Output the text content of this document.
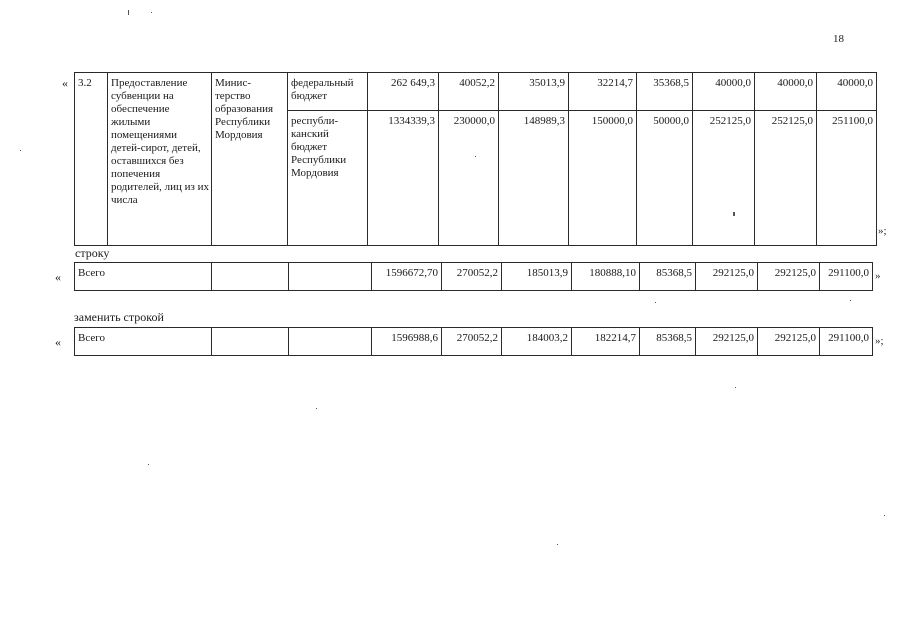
18
« 3.2	Предоставление субвенции на обеспечение жилыми помещениями детей-сирот, детей, оставшихся без попечения родителей, лиц из их числа	Минис-терство образования Республики Мордовия	федеральный бюджет	262 649,3	40052,2	35013,9	32214,7	35368,5	40000,0	40000,0	40000,0
			республи-канский бюджет Республики Мордовия	1334339,3	230000,0	148989,3	150000,0	50000,0	252125,0	252125,0	251100,0
»;
строку
« Всего			1596672,70	270052,2	185013,9	180888,10	85368,5	292125,0	292125,0	291100,0 »
заменить строкой
« Всего			1596988,6	270052,2	184003,2	182214,7	85368,5	292125,0	292125,0	291100,0 »;
